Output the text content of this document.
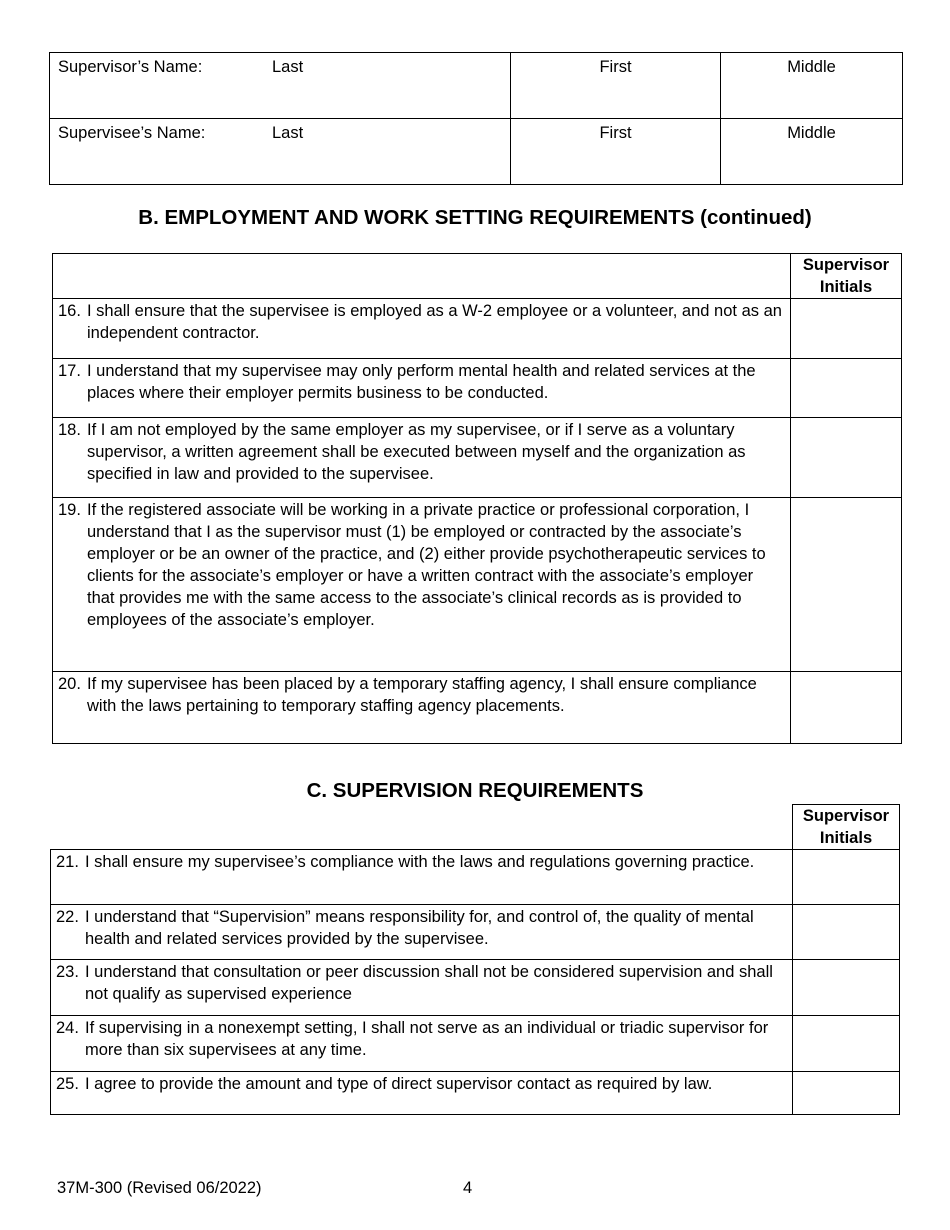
Supervisor’s Name: Last	First	Middle
Supervisee’s Name: Last	First	Middle
B. EMPLOYMENT AND WORK SETTING REQUIREMENTS (continued)

	Supervisor
Initials

16. I shall ensure that the supervisee is employed as a W-2 employee or a volunteer, and not as an independent contractor.	

17. I understand that my supervisee may only perform mental health and related services at the places where their employer permits business to be conducted.	

18. If I am not employed by the same employer as my supervisee, or if I serve as a voluntary supervisor, a written agreement shall be executed between myself and the organization as specified in law and provided to the supervisee.	

19. If the registered associate will be working in a private practice or professional corporation, I understand that I as the supervisor must (1) be employed or contracted by the associate’s employer or be an owner of the practice, and (2) either provide psychotherapeutic services to clients for the associate’s employer or have a written contract with the associate’s employer that provides me with the same access to the associate’s clinical records as is provided to employees of the associate’s employer.	

20. If my supervisee has been placed by a temporary staffing agency, I shall ensure compliance with the laws pertaining to temporary staffing agency placements.	

C. SUPERVISION REQUIREMENTS

	Supervisor
Initials

21. I shall ensure my supervisee’s compliance with the laws and regulations governing practice.	

22. I understand that “Supervision” means responsibility for, and control of, the quality of mental health and related services provided by the supervisee.	

23. I understand that consultation or peer discussion shall not be considered supervision and shall not qualify as supervised experience	

24. If supervising in a nonexempt setting, I shall not serve as an individual or triadic supervisor for more than six supervisees at any time.	

25. I agree to provide the amount and type of direct supervisor contact as required by law.	

37M-300 (Revised 06/2022)	4
